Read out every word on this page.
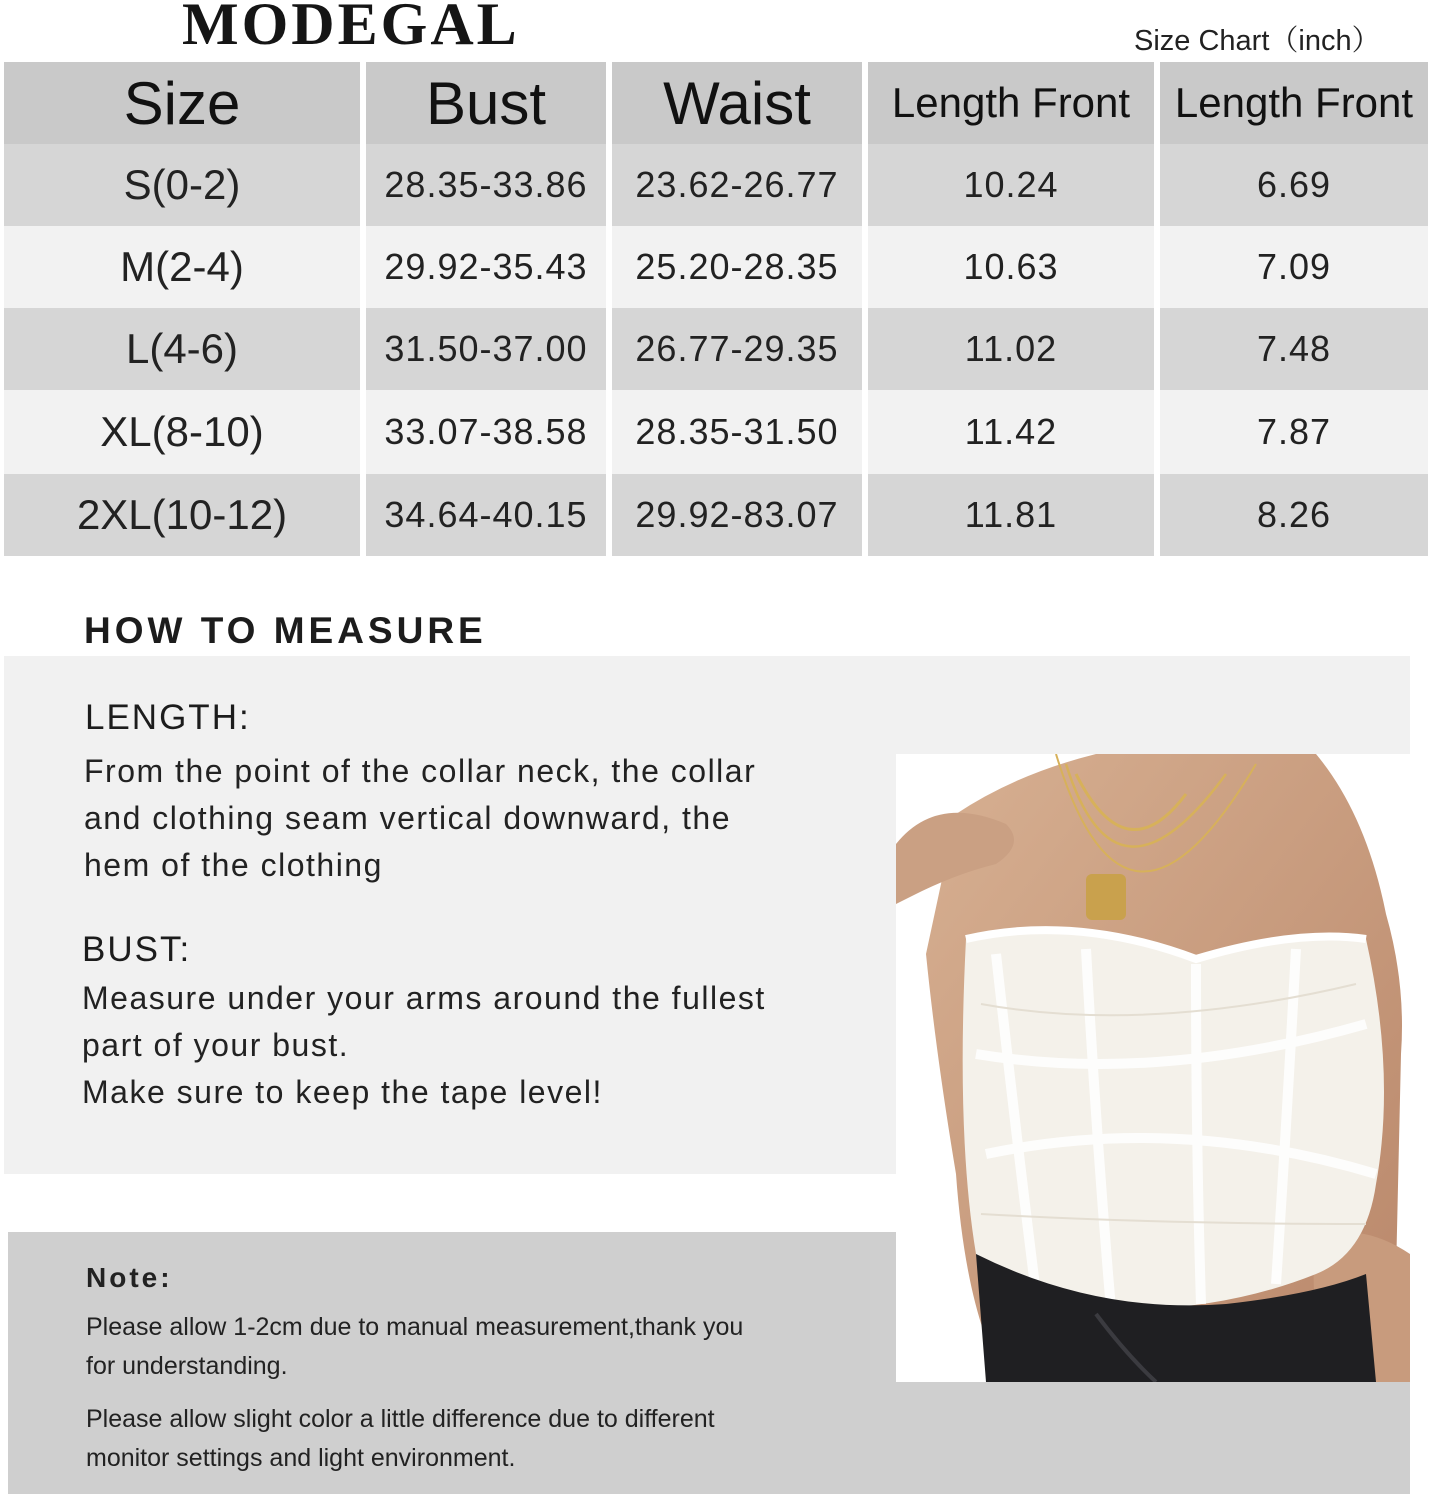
MODEGAL	Size Chart（inch）
Size	Bust	Waist	Length Front	Length Front
S(0-2)	28.35-33.86	23.62-26.77	10.24	6.69
M(2-4)	29.92-35.43	25.20-28.35	10.63	7.09
L(4-6)	31.50-37.00	26.77-29.35	11.02	7.48
XL(8-10)	33.07-38.58	28.35-31.50	11.42	7.87
2XL(10-12)	34.64-40.15	29.92-83.07	11.81	8.26
HOW TO MEASURE
LENGTH:
From the point of the collar neck, the collar
and clothing seam vertical downward, the
hem of the clothing
BUST:
Measure under your arms around the fullest
part of your bust.
Make sure to keep the tape level!
Note:
Please allow 1-2cm due to manual measurement,thank you
for understanding.
Please allow slight color a little difference due to different
monitor settings and light environment.
